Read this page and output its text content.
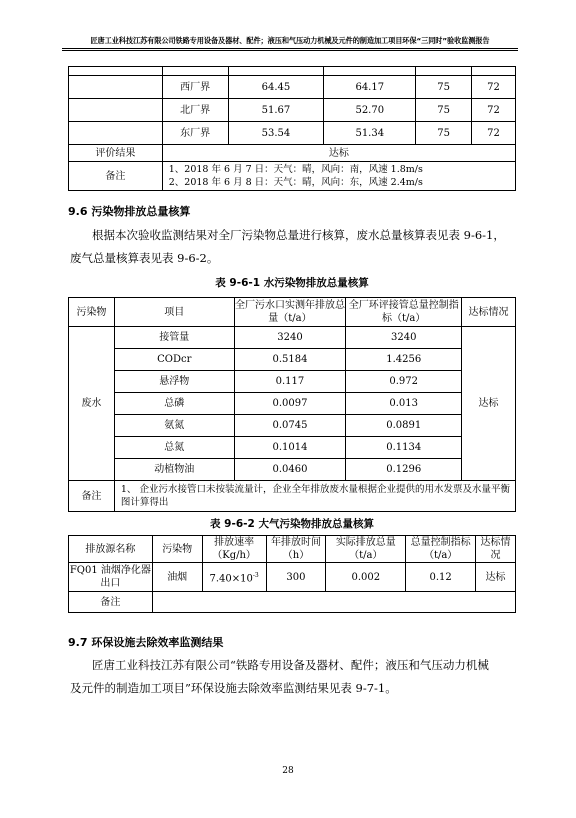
匠唐工业科技江苏有限公司铁路专用设备及器材、配件；液压和气压动力机械及元件的制造加工项目环保“三同时”验收监测报告

	西厂界	64.45	64.17	75	72
	北厂界	51.67	52.70	75	72
	东厂界	53.54	51.34	75	72
评价结果	达标				
备注	1、2018 年 6 月 7 日：天气：晴，风向：南，风速 1.8m/s
2、2018 年 6 月 8 日：天气：晴，风向：东，风速 2.4m/s				
9.6 污染物排放总量核算

根据本次验收监测结果对全厂污染物总量进行核算，废水总量核算表见表 9-6-1，

废气总量核算表见表 9-6-2。

表 9-6-1 水污染物排放总量核算
污染物	项目	全厂污水口实测年排放总量（t/a）	全厂环评接管总量控制指标（t/a）	达标情况
废水	接管量	3240	3240	达标
	CODcr	0.5184	1.4256	
	悬浮物	0.117	0.972	
	总磷	0.0097	0.013	
	氨氮	0.0745	0.0891	
	总氮	0.1014	0.1134	
	动植物油	0.0460	0.1296	
备注	1、 企业污水接管口未按装流量计，企业全年排放废水量根据企业提供的用水发票及水量平衡图计算得出			
表 9-6-2 大气污染物排放总量核算
排放源名称	污染物	排放速率（Kg/h）	年排放时间（h）	实际排放总量（t/a）	总量控制指标（t/a）	达标情况
FQ01 油烟净化器出口	油烟	$7.40\times 10^{-3}$	300	0.002	0.12	达标
备注						
9.7 环保设施去除效率监测结果

匠唐工业科技江苏有限公司“铁路专用设备及器材、配件；液压和气压动力机械

及元件的制造加工项目”环保设施去除效率监测结果见表 9-7-1。

28
